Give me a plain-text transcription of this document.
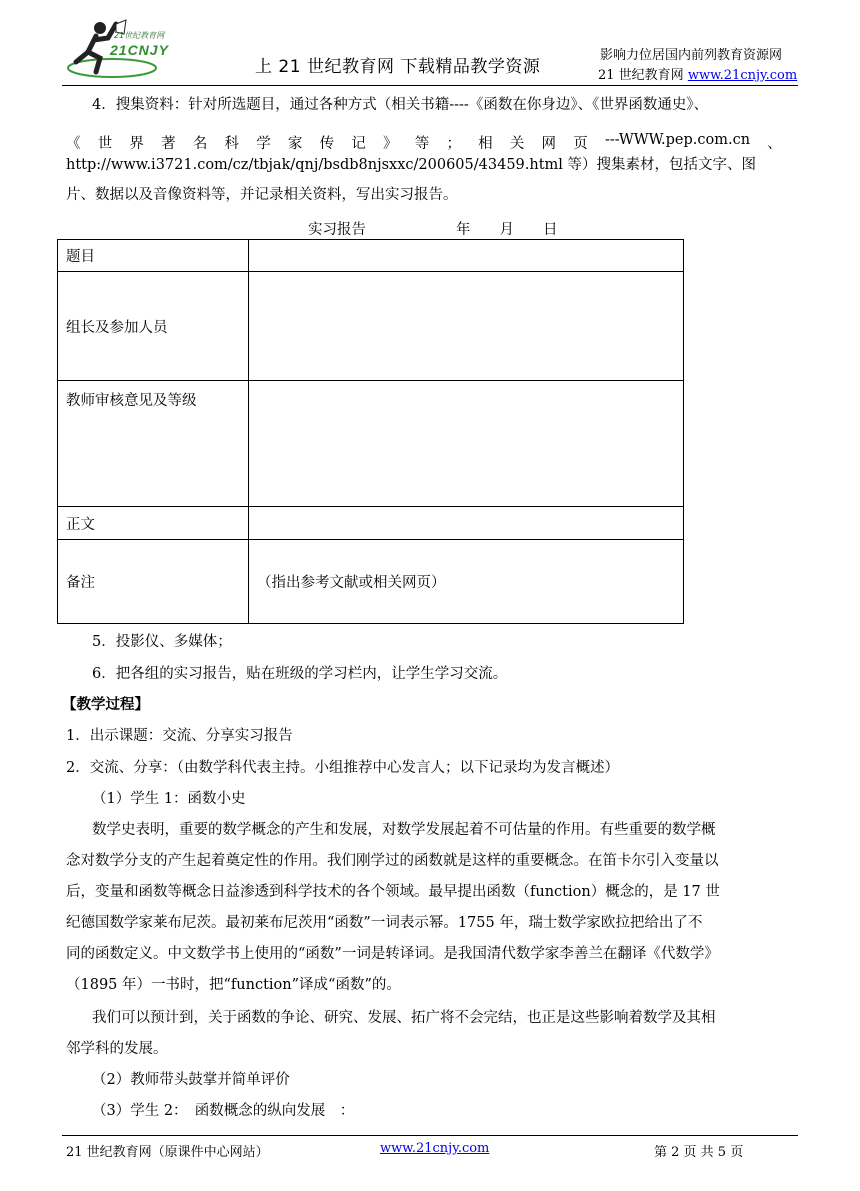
21世纪教育网
21CNJY
上 21 世纪教育网 下载精品教学资源
影响力位居国内前列教育资源网
21 世纪教育网 www.21cnjy.com
4．搜集资料：针对所选题目，通过各种方式（相关书籍----《函数在你身边》、《世界函数通史》、
《 世 界 著 名 科 学 家 传 记 》 等 ； 相 关 网 页 ---WWW.pep.com.cn 、
http://www.i3721.com/cz/tbjak/qnj/bsdb8njsxxc/200605/43459.html 等）搜集素材，包括文字、图
片、数据以及音像资料等，并记录相关资料，写出实习报告。
实习报告	年　　月　　日
题目	
组长及参加人员	
教师审核意见及等级	
正文	
备注	（指出参考文献或相关网页）
5．投影仪、多媒体；
6．把各组的实习报告，贴在班级的学习栏内，让学生学习交流。
【教学过程】
1．出示课题：交流、分享实习报告
2．交流、分享：（由数学科代表主持。小组推荐中心发言人；以下记录均为发言概述）
（1）学生 1：函数小史
数学史表明，重要的数学概念的产生和发展，对数学发展起着不可估量的作用。有些重要的数学概
念对数学分支的产生起着奠定性的作用。我们刚学过的函数就是这样的重要概念。在笛卡尔引入变量以
后，变量和函数等概念日益渗透到科学技术的各个领域。最早提出函数（function）概念的，是 17 世
纪德国数学家莱布尼茨。最初莱布尼茨用“函数”一词表示幂。1755 年，瑞士数学家欧拉把给出了不
同的函数定义。中文数学书上使用的“函数”一词是转译词。是我国清代数学家李善兰在翻译《代数学》
（1895 年）一书时，把“function”译成“函数”的。
我们可以预计到，关于函数的争论、研究、发展、拓广将不会完结，也正是这些影响着数学及其相
邻学科的发展。
（2）教师带头鼓掌并简单评价
（3）学生 2：　函数概念的纵向发展　：
21 世纪教育网（原课件中心网站）	www.21cnjy.com	第 2 页 共 5 页
